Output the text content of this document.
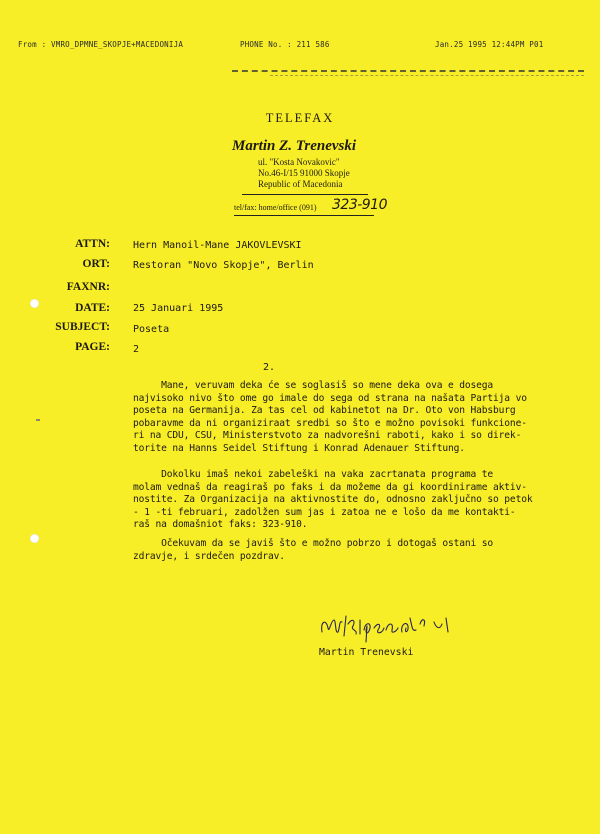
From : VMRO_DPMNE_SKOPJE+MACEDONIJA	PHONE No. : 211 586	Jan.25 1995 12:44PM P01
TELEFAX
Martin Z. Trenevski
ul. "Kosta Novakovic"
No.46-I/15 91000 Skopje
Republic of Macedonia
tel/fax: home/office (091) 323-910
ATTN: Hern Manoil-Mane JAKOVLEVSKI
ORT: Restoran "Novo Skopje", Berlin
FAXNR:
DATE: 25 Januari 1995
SUBJECT: Poseta
PAGE: 2
2.
Mane, veruvam deka će se soglasiš so mene deka ova e dosega
najvisoko nivo što ome go imale do sega od strana na našata Partija vo
poseta na Germanija. Za tas cel od kabinetot na Dr. Oto von Habsburg
pobaravme da ni organiziraat sredbi so što e možno povisoki funkcione-
ri na CDU, CSU, Ministerstvoto za nadvorešni raboti, kako i so direk-
torite na Hanns Seidel Stiftung i Konrad Adenauer Stiftung.
Dokolku imaš nekoi zabeleški na vaka zacrtanata programa te
molam vednaš da reagiraš po faks i da možeme da gi koordiniramе aktiv-
nostite. Za Organizacija na aktivnostite do, odnosno zaključno so petok
- 1 -ti februari, zadolžen sum jas i zatoa ne e lošo da me kontakti-
raš na domašniot faks: 323-910.
Očekuvam da se javiš što e možno pobrzo i dotogaš ostani so
zdravje, i srdečen pozdrav.
Martin Trenevski
